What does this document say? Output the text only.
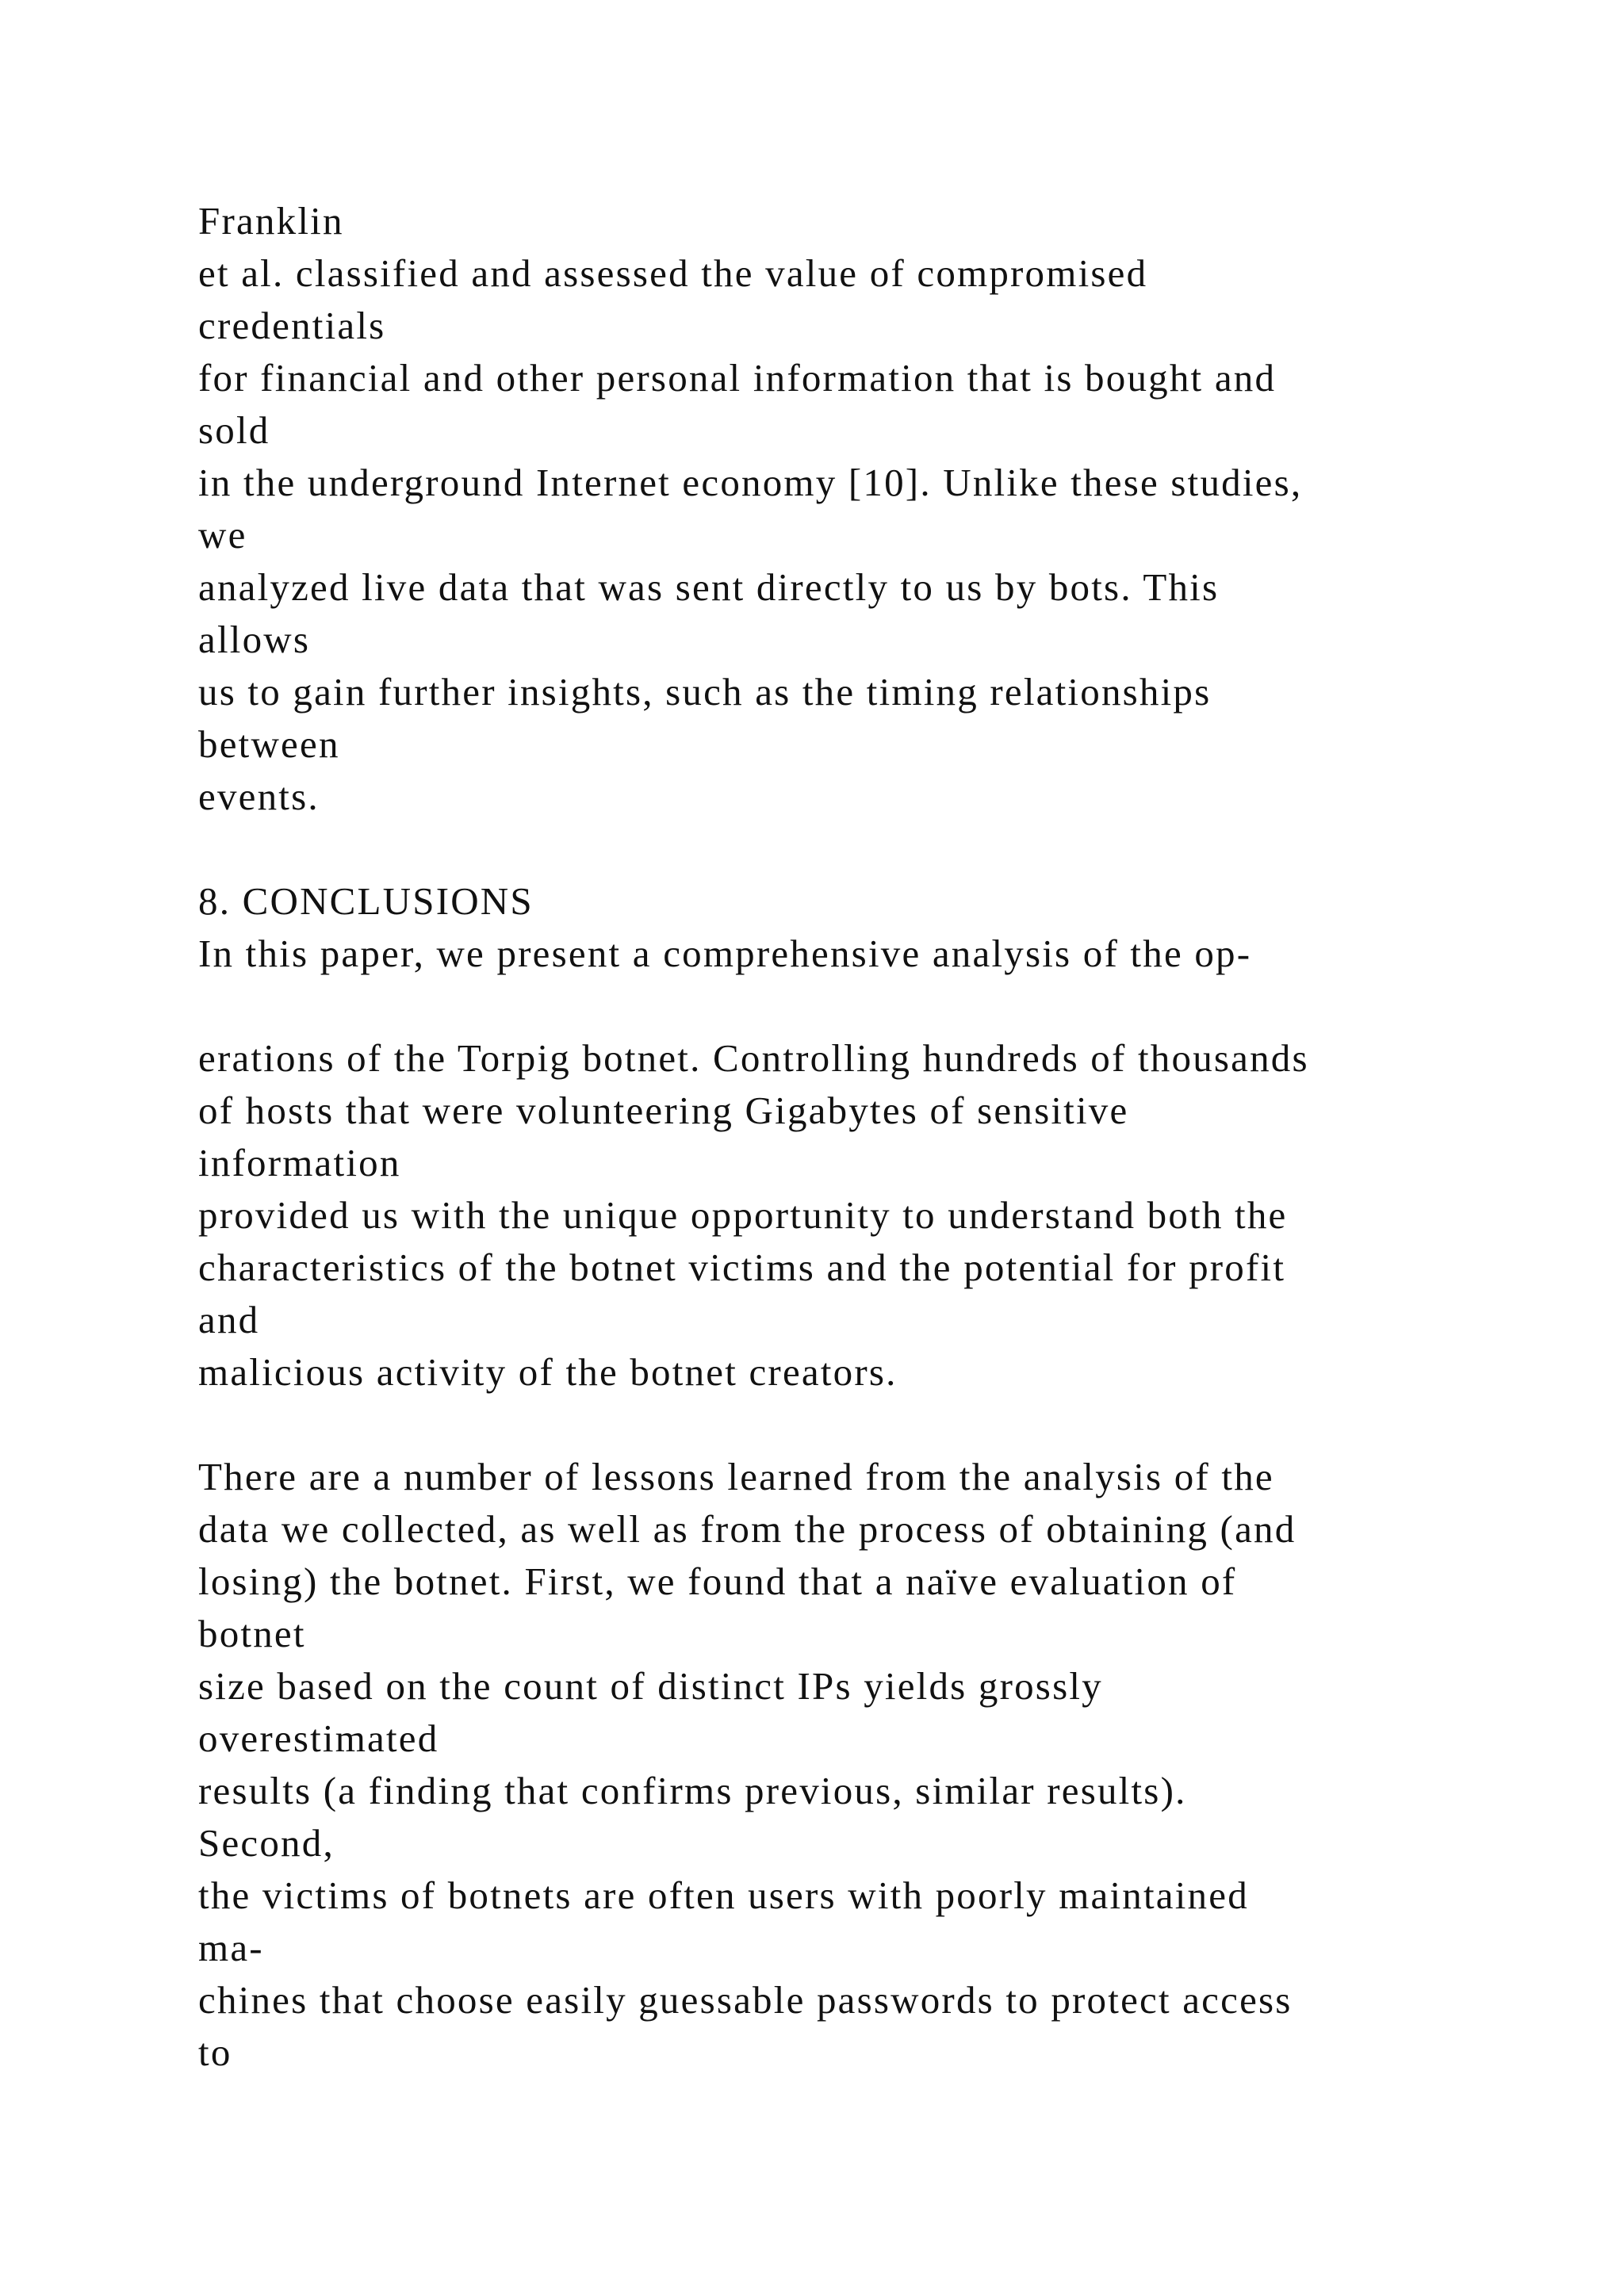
Franklin
et al. classified and assessed the value of compromised
credentials
for financial and other personal information that is bought and
sold
in the underground Internet economy [10]. Unlike these studies,
we
analyzed live data that was sent directly to us by bots. This
allows
us to gain further insights, such as the timing relationships
between
events.
8. CONCLUSIONS
In this paper, we present a comprehensive analysis of the op-
erations of the Torpig botnet. Controlling hundreds of thousands
of hosts that were volunteering Gigabytes of sensitive
information
provided us with the unique opportunity to understand both the
characteristics of the botnet victims and the potential for profit
and
malicious activity of the botnet creators.
There are a number of lessons learned from the analysis of the
data we collected, as well as from the process of obtaining (and
losing) the botnet. First, we found that a naïve evaluation of
botnet
size based on the count of distinct IPs yields grossly
overestimated
results (a finding that confirms previous, similar results).
Second,
the victims of botnets are often users with poorly maintained
ma-
chines that choose easily guessable passwords to protect access
to
